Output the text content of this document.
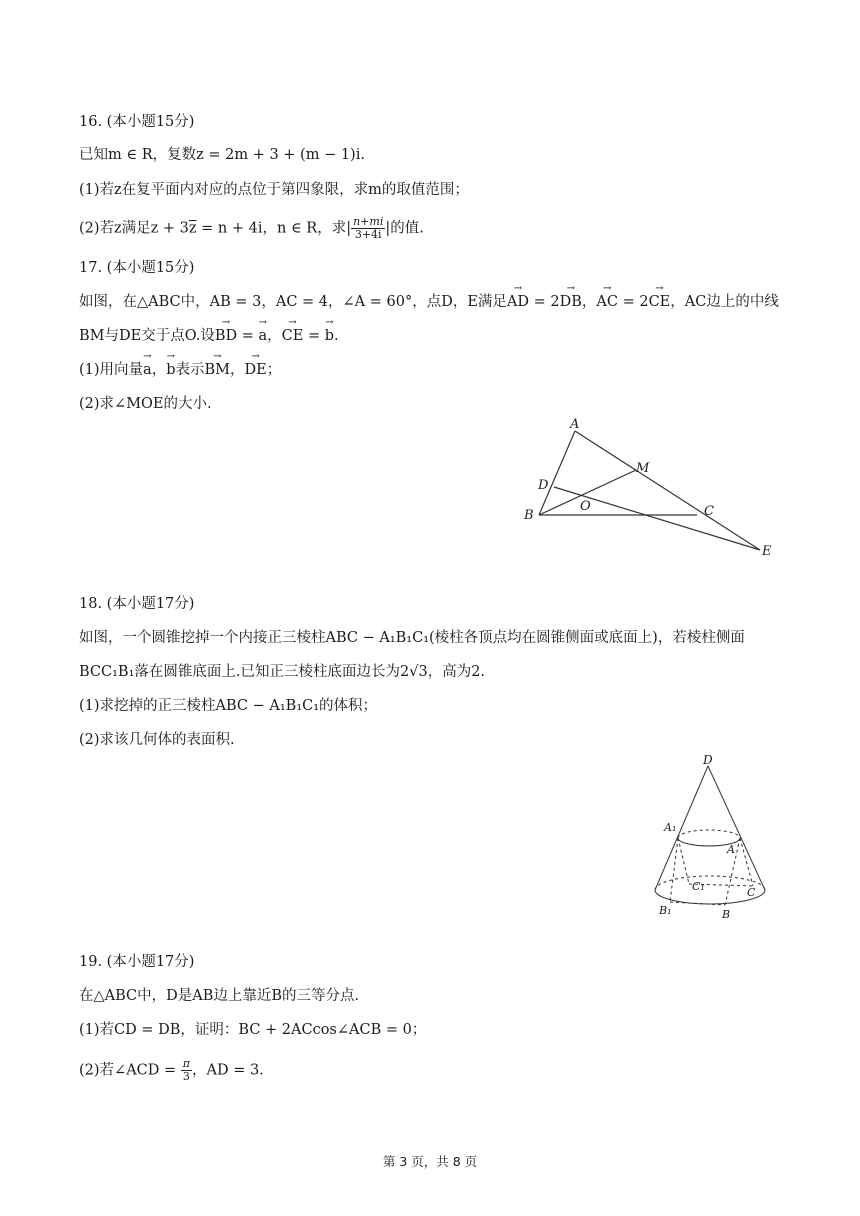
16. (本小题15分)
已知m ∈ R，复数z = 2m + 3 + (m − 1)i.
(1)若z在复平面内对应的点位于第四象限，求m的取值范围；
(2)若z满足$z + 3\overline{z} = n + 4i$，n ∈ R，求| $\frac{n+mi}{3+4i}$ |的值.
17. (本小题15分)
如图，在△ABC中，AB = 3，AC = 4，∠A = 60°，点D，E满足→ AD = 2→ DB，→ AC = 2→ CE，AC边上的中线
BM与DE交于点O.设→ BD = → a，→ CE = → b.
(1)用向量→ a，→ b表示→ BM，→ DE；
(2)求∠MOE的大小.
A
M
D
O
B	C
E
18. (本小题17分)
如图，一个圆锥挖掉一个内接正三棱柱ABC − A₁B₁C₁(棱柱各顶点均在圆锥侧面或底面上)，若棱柱侧面
BCC₁B₁落在圆锥底面上.已知正三棱柱底面边长为2√3，高为2.
(1)求挖掉的正三棱柱ABC − A₁B₁C₁的体积；
(2)求该几何体的表面积.
D
A₁
A
C₁	C
B₁	B
19. (本小题17分)
在△ABC中，D是AB边上靠近B的三等分点.
(1)若CD = DB，证明：BC + 2ACcos∠ACB = 0；
(2)若∠ACD = $\frac{\pi}{3}$ ，AD = 3.
第 3 页，共 8 页
